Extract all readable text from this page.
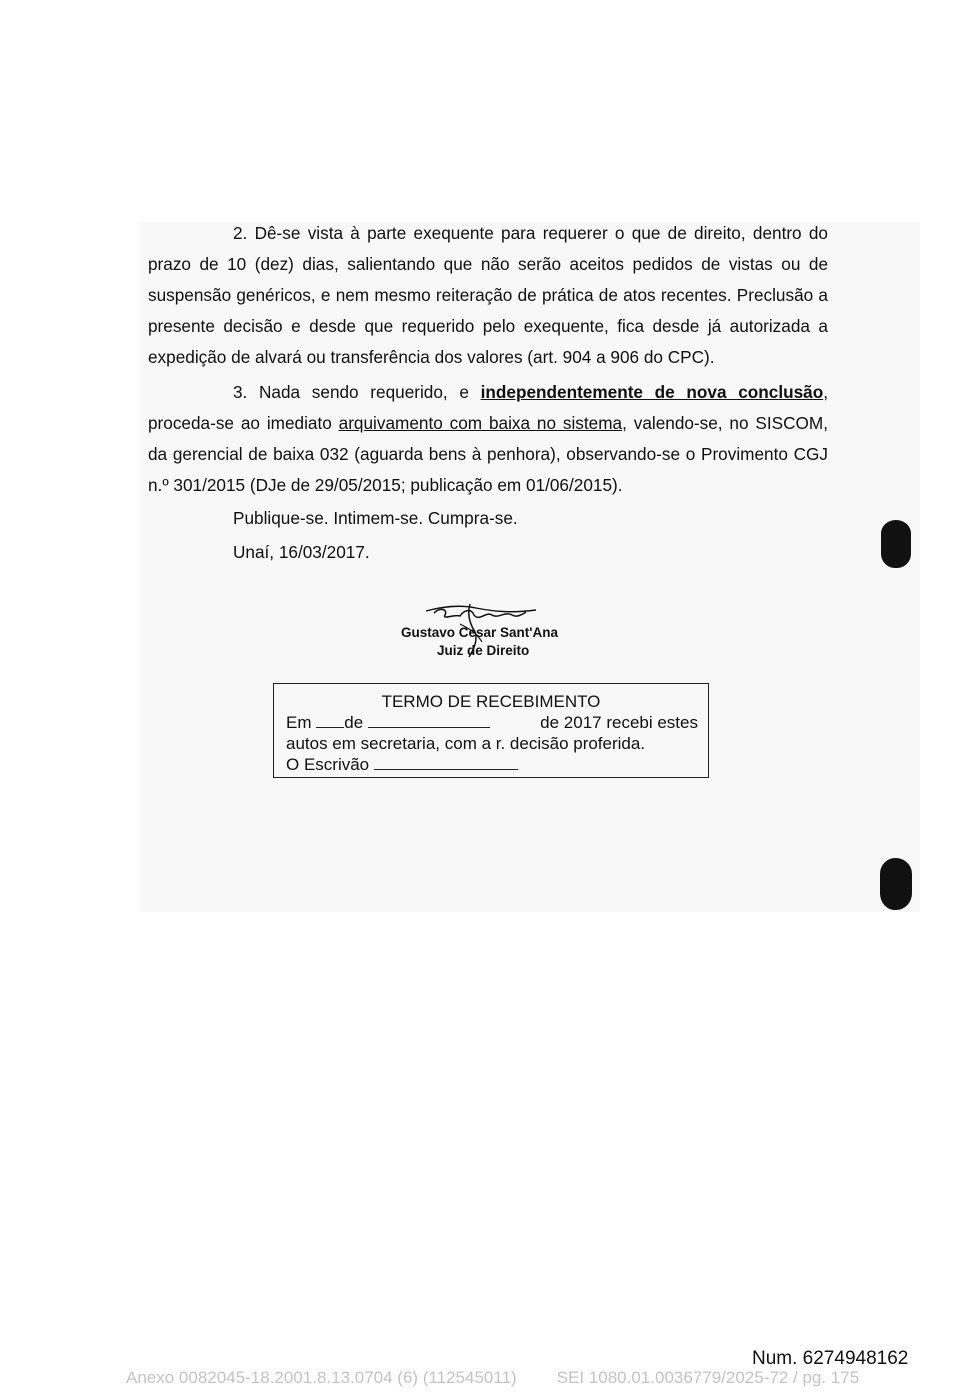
2. Dê-se vista à parte exequente para requerer o que de direito, dentro do prazo de 10 (dez) dias, salientando que não serão aceitos pedidos de vistas ou de suspensão genéricos, e nem mesmo reiteração de prática de atos recentes. Preclusão a presente decisão e desde que requerido pelo exequente, fica desde já autorizada a expedição de alvará ou transferência dos valores (art. 904 a 906 do CPC).

3. Nada sendo requerido, e independentemente de nova conclusão, proceda-se ao imediato arquivamento com baixa no sistema, valendo-se, no SISCOM, da gerencial de baixa 032 (aguarda bens à penhora), observando-se o Provimento CGJ n.º 301/2015 (DJe de 29/05/2015; publicação em 01/06/2015).

Publique-se. Intimem-se. Cumpra-se.
Unaí, 16/03/2017.
Gustavo Cesar Sant'Ana
Juiz de Direito
TERMO DE RECEBIMENTO
Em de	de 2017 recebi estes
autos em secretaria, com a r. decisão proferida.
O Escrivão
Num. 6274948162
Anexo 0082045-18.2001.8.13.0704 (6) (112545011) SEI 1080.01.0036779/2025-72 / pg. 175
